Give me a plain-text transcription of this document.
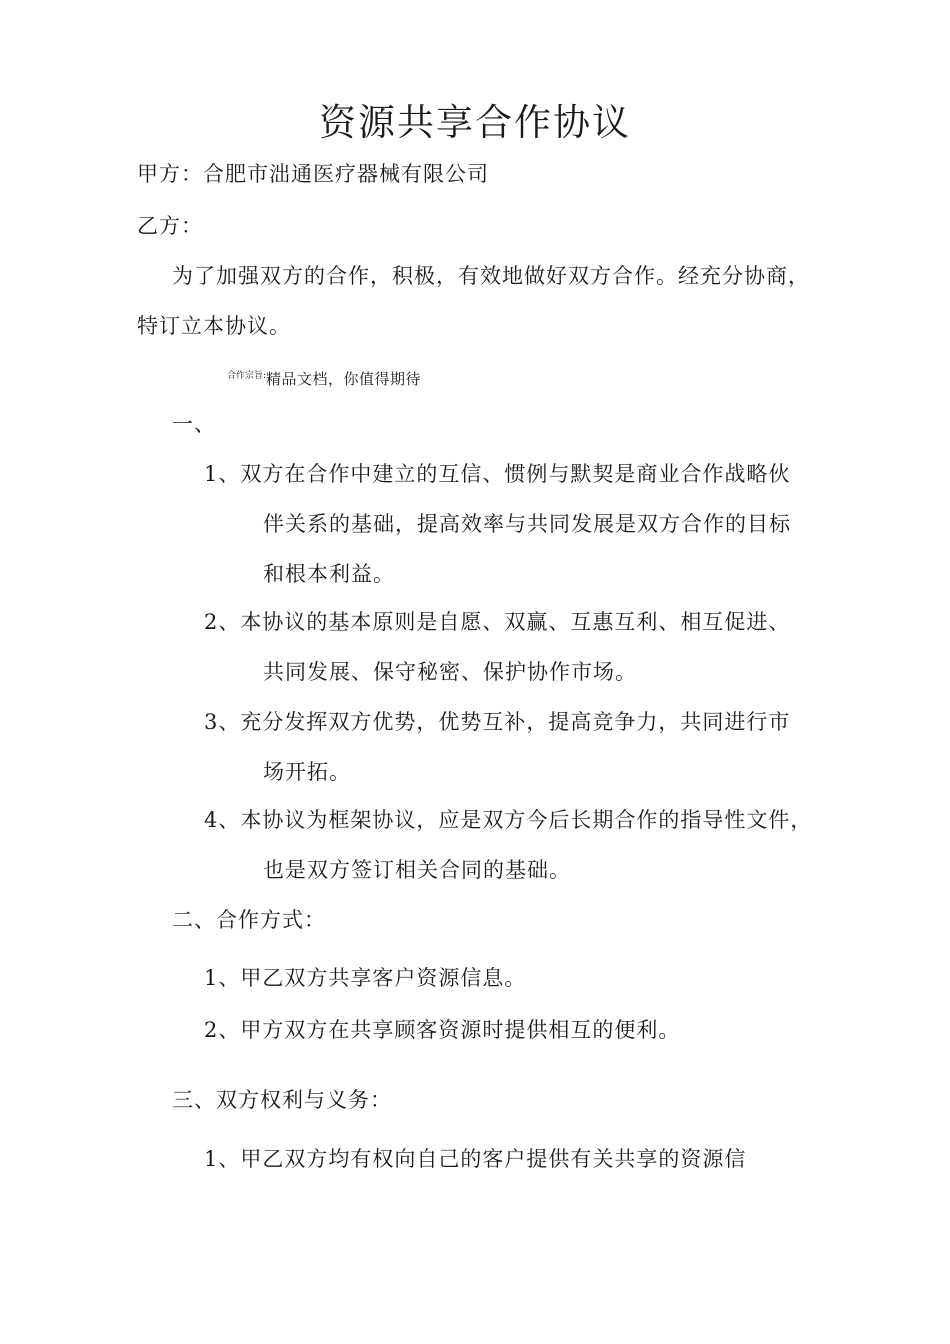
资源共享合作协议
甲方：合肥市泏通医疗器械有限公司
乙方：
为了加强双方的合作，积极，有效地做好双方合作。经充分协商，
特订立本协议。
$^{合作宗旨:}$精品文档，你值得期待
一、
1、双方在合作中建立的互信、惯例与默契是商业合作战略伙
伴关系的基础，提高效率与共同发展是双方合作的目标
和根本利益。
2、本协议的基本原则是自愿、双赢、互惠互利、相互促进、
共同发展、保守秘密、保护协作市场。
3、充分发挥双方优势，优势互补，提高竞争力，共同进行市
场开拓。
4、本协议为框架协议，应是双方今后长期合作的指导性文件，
也是双方签订相关合同的基础。
二、合作方式：
1、甲乙双方共享客户资源信息。
2、甲方双方在共享顾客资源时提供相互的便利。
三、双方权利与义务：
1、甲乙双方均有权向自己的客户提供有关共享的资源信
